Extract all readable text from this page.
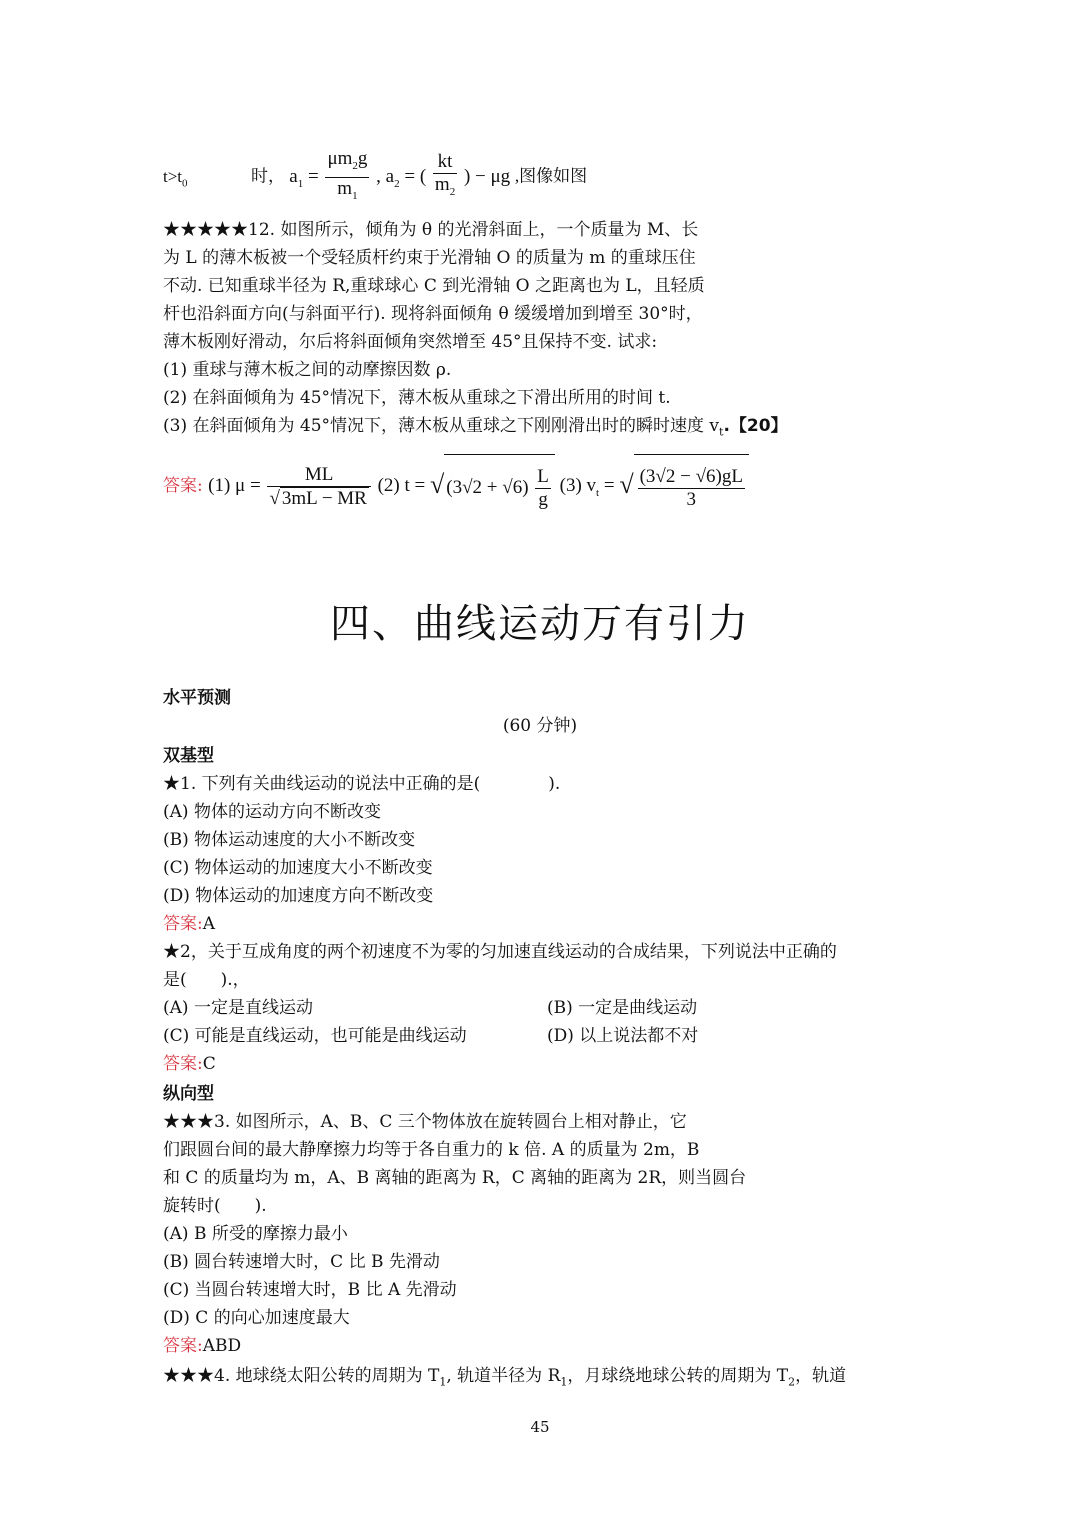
$t>t_0$	时， $a_1 = \frac{\mu m_2g}{m_1}$ , $a_2$ = ( $\frac{kt}{m_2}$ ) − μg ,图像如图
★★★★★12. 如图所示，倾角为 θ 的光滑斜面上，一个质量为 M、长
为 L 的薄木板被一个受轻质杆约束于光滑轴 O 的质量为 m 的重球压住
不动. 已知重球半径为 R,重球球心 C 到光滑轴 O 之距离也为 L，且轻质
杆也沿斜面方向(与斜面平行). 现将斜面倾角 θ 缓缓增加到增至 30°时，
薄木板刚好滑动，尔后将斜面倾角突然增至 45°且保持不变. 试求:
(1) 重球与薄木板之间的动摩擦因数 ρ.
(2) 在斜面倾角为 45°情况下，薄木板从重球之下滑出所用的时间 t.
(3) 在斜面倾角为 45°情况下，薄木板从重球之下刚刚滑出时的瞬时速度 $v_t$.【20】
答案: (1) $\mu = \frac{ML}{√ 3mL - MR} (2) t$ = √ $(3√2 + √6) \frac{L}{g} (3) v_t$ = √ $\frac{(3√2 - √6)gL}{3}$
四、曲线运动万有引力
水平预测
(60 分钟)
双基型
★1. 下列有关曲线运动的说法中正确的是(　　　　).
(A) 物体的运动方向不断改变
(B) 物体运动速度的大小不断改变
(C) 物体运动的加速度大小不断改变
(D) 物体运动的加速度方向不断改变
答案:A
★2，关于互成角度的两个初速度不为零的匀加速直线运动的合成结果，下列说法中正确的
是(　　).，
(A) 一定是直线运动	(B) 一定是曲线运动
(C) 可能是直线运动，也可能是曲线运动	(D) 以上说法都不对
答案:C
纵向型
★★★3. 如图所示，A、B、C 三个物体放在旋转圆台上相对静止，它
们跟圆台间的最大静摩擦力均等于各自重力的 k 倍. A 的质量为 2m，B
和 C 的质量均为 m，A、B 离轴的距离为 R，C 离轴的距离为 2R，则当圆台
旋转时(　　).
(A) B 所受的摩擦力最小
(B) 圆台转速增大时，C 比 B 先滑动
(C) 当圆台转速增大时，B 比 A 先滑动
(D) C 的向心加速度最大
答案:ABD
★★★4. 地球绕太阳公转的周期为 $T_1$, 轨道半径为 $R_1$，月球绕地球公转的周期为 $T_2$，轨道
45
